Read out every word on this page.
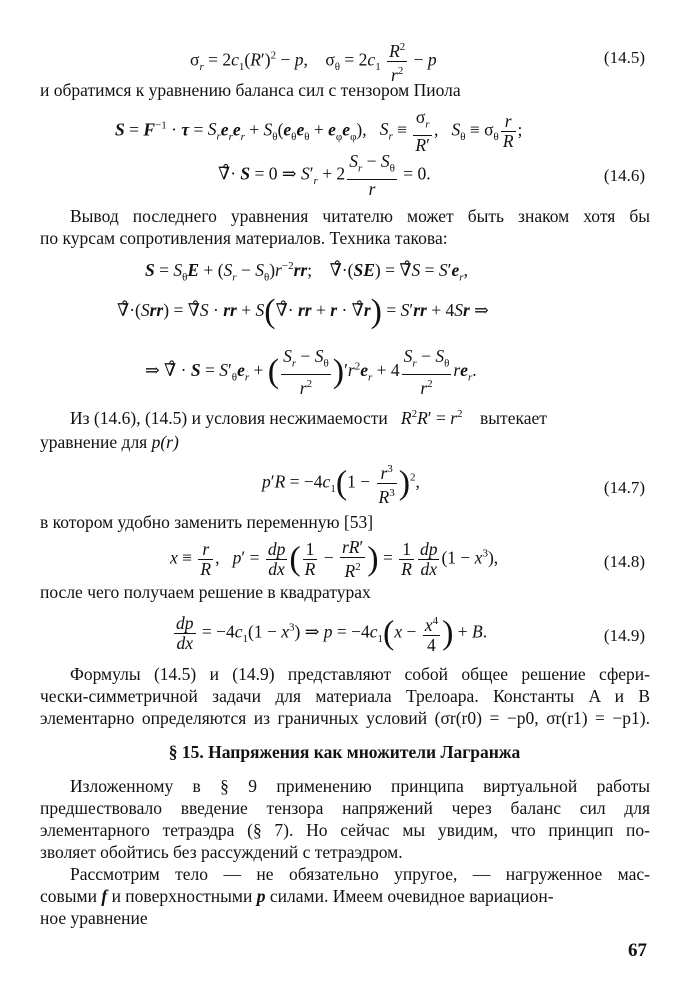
$\sigma_r = 2c_1(R')^2 - p$,    $\sigma_\theta = 2c_1 \frac{R^2}{r^2} - p$	(14.5)
и обратимся к уравнению баланса сил с тензором Пиола
$S = F^{-1} \cdot \tau = S_re_re_r + S_\theta(e_\theta e_\theta + e_\varphi e_\varphi)$,   $S_r \equiv \frac{\sigma_r}{R'}$ ,   $S_\theta \equiv \sigma_\theta \frac{r}{R}$ ;
∇̊· S = 0 ⇒ $S'_r + 2 \frac{S_r - S_\theta}{r} = 0$.	(14.6)
Вывод последнего уравнения читателю может быть знаком хотя бы
по курсам сопротивления материалов. Техника такова:
$S = S_\theta E + (S_r - S_\theta)r^{-2}rr$;    ∇̊·(SE) = ∇̊S = $S'e_r$,
∇̊·(Srr) = ∇̊S · rr + S(∇̊· rr + r · ∇̊r) = S′rr + 4Sr ⇒
⇒ ∇̊ · $S = S'_\theta e_r$ + ( $\frac{S_r - S_\theta}{r^2} )'r^2e_r + 4 \frac{S_r - S_\theta}{r^2} re_r$.
Из (14.6), (14.5) и условия несжимаемости $R^2R' = r^2$ вытекает
уравнение для p(r)
$p'R = -4c_1(1 - \frac{r^3}{R^3} )^2$,	(14.7)
в котором удобно заменить переменную [53]
$x \equiv \frac{r}{R}$ ,   $p' = \frac{dp}{dx}$ ( $\frac{1}{R} - \frac{rR'}{R^2}$ ) = $\frac{1}{R} \frac{dp}{dx} (1 - x^3)$,	(14.8)
после чего получаем решение в квадратурах
$\frac{dp}{dx} = -4c_1(1 - x^3)$ ⇒ $p = -4c_1(x - \frac{x^4}{4}$ ) + B.	(14.9)
Формулы (14.5) и (14.9) представляют собой общее решение сфери-
чески-симметричной задачи для материала Трелоара. Константы A и B
элементарно определяются из граничных условий (σr(r0) = −p0, σr(r1) = −p1).
§ 15. Напряжения как множители Лагранжа
Изложенному в § 9 применению принципа виртуальной работы
предшествовало введение тензора напряжений через баланс сил для
элементарного тетраэдра (§ 7). Но сейчас мы увидим, что принцип по-
зволяет обойтись без рассуждений с тетраэдром.
Рассмотрим тело — не обязательно упругое, — нагруженное мас-
совыми f и поверхностными p силами. Имеем очевидное вариацион-
ное уравнение
67
